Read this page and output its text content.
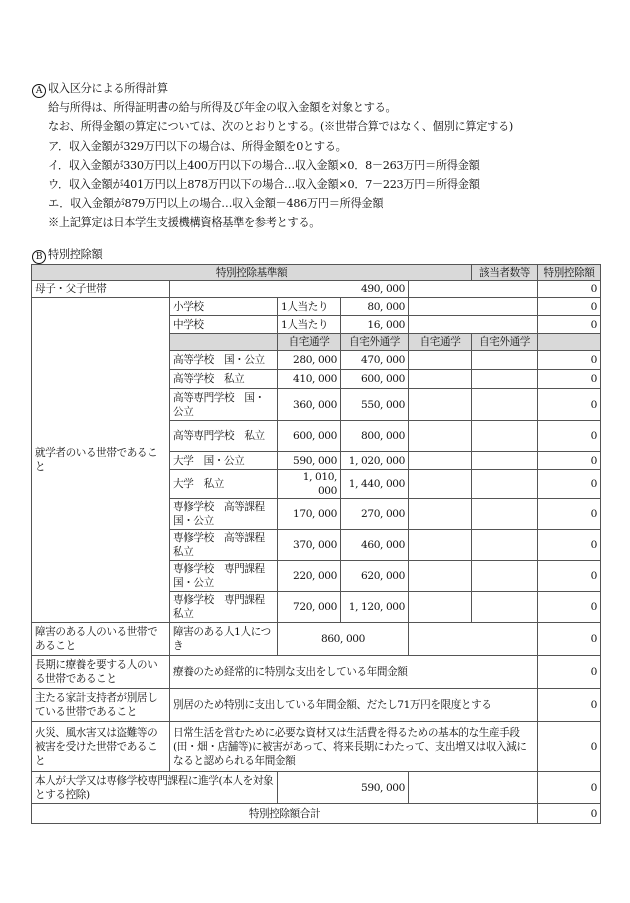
A 収入区分による所得計算

給与所得は、所得証明書の給与所得及び年金の収入金額を対象とする。

なお、所得金額の算定については、次のとおりとする。(※世帯合算ではなく、個別に算定する)

ア．収入金額が329万円以下の場合は、所得金額を0とする。

イ．収入金額が330万円以上400万円以下の場合…収入金額×0．8－263万円＝所得金額

ウ．収入金額が401万円以上878万円以下の場合…収入金額×0．7－223万円＝所得金額

エ．収入金額が879万円以上の場合…収入金額－486万円＝所得金額

※上記算定は日本学生支援機構資格基準を参考とする。

B 特別控除額

特別控除基準額					該当者数等	特別控除額
母子・父子世帯	490, 000					0
就学者のいる世帯であること	小学校	1人当たり	80, 000			0
	中学校	1人当たり	16, 000			0
		自宅通学	自宅外通学	自宅通学	自宅外通学	
	高等学校　国・公立	280, 000	470, 000			0
	高等学校　私立	410, 000	600, 000			0
	高等専門学校　国・公立	360, 000	550, 000			0
	高等専門学校　私立	600, 000	800, 000			0
	大学　国・公立	590, 000	1, 020, 000			0
	大学　私立	1, 010, 000	1, 440, 000			0
	専修学校　高等課程　国・公立	170, 000	270, 000			0
	専修学校　高等課程　私立	370, 000	460, 000			0
	専修学校　専門課程　国・公立	220, 000	620, 000			0
	専修学校　専門課程　私立	720, 000	1, 120, 000			0
障害のある人のいる世帯であること	障害のある人1人につき	860, 000				0
長期に療養を要する人のいる世帯であること	療養のため経常的に特別な支出をしている年間金額					0
主たる家計支持者が別居している世帯であること	別居のため特別に支出している年間金額、だたし71万円を限度とする					0
火災、風水害又は盗難等の被害を受けた世帯であること	日常生活を営むために必要な資材又は生活費を得るための基本的な生産手段(田・畑・店舗等)に被害があって、将来長期にわたって、支出増又は収入減になると認められる年間金額					0
本人が大学又は専修学校専門課程に進学(本人を対象とする控除)		590, 000				0
特別控除額合計						0
